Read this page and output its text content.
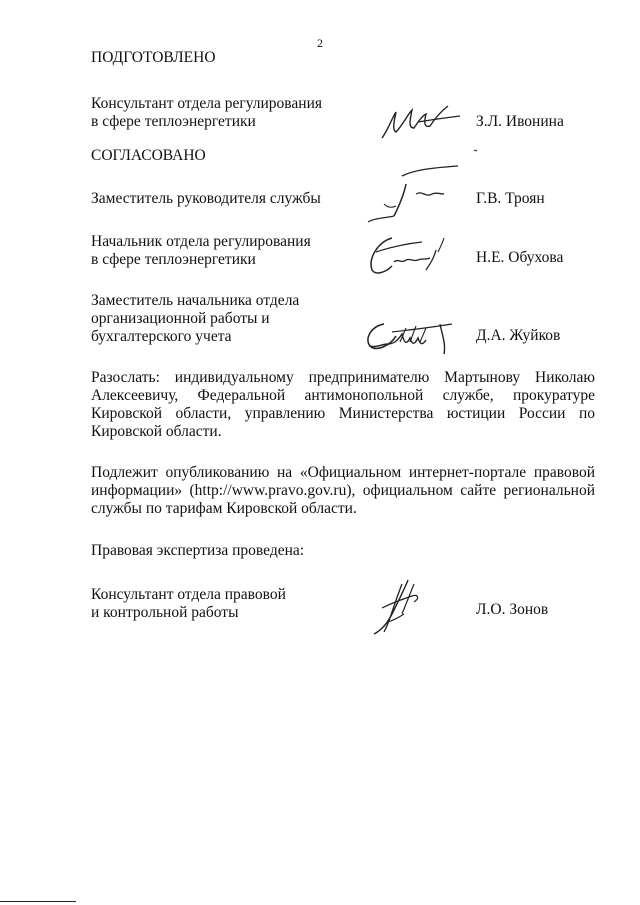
2
ПОДГОТОВЛЕНО
Консультант отдела регулирования
в сфере теплоэнергетики	З.Л. Ивонина
СОГЛАСОВАНО
Заместитель руководителя службы	Г.В. Троян
Начальник отдела регулирования
в сфере теплоэнергетики	Н.Е. Обухова
Заместитель начальника отдела
организационной работы и
бухгалтерского учета	Д.А. Жуйков
Разослать: индивидуальному предпринимателю Мартынову Николаю Алексеевичу, Федеральной антимонопольной службе, прокуратуре Кировской области, управлению Министерства юстиции России по Кировской области.
Подлежит опубликованию на «Официальном интернет-портале правовой информации» (http://www.pravo.gov.ru), официальном сайте региональной службы по тарифам Кировской области.
Правовая экспертиза проведена:
Консультант отдела правовой
и контрольной работы	Л.О. Зонов
